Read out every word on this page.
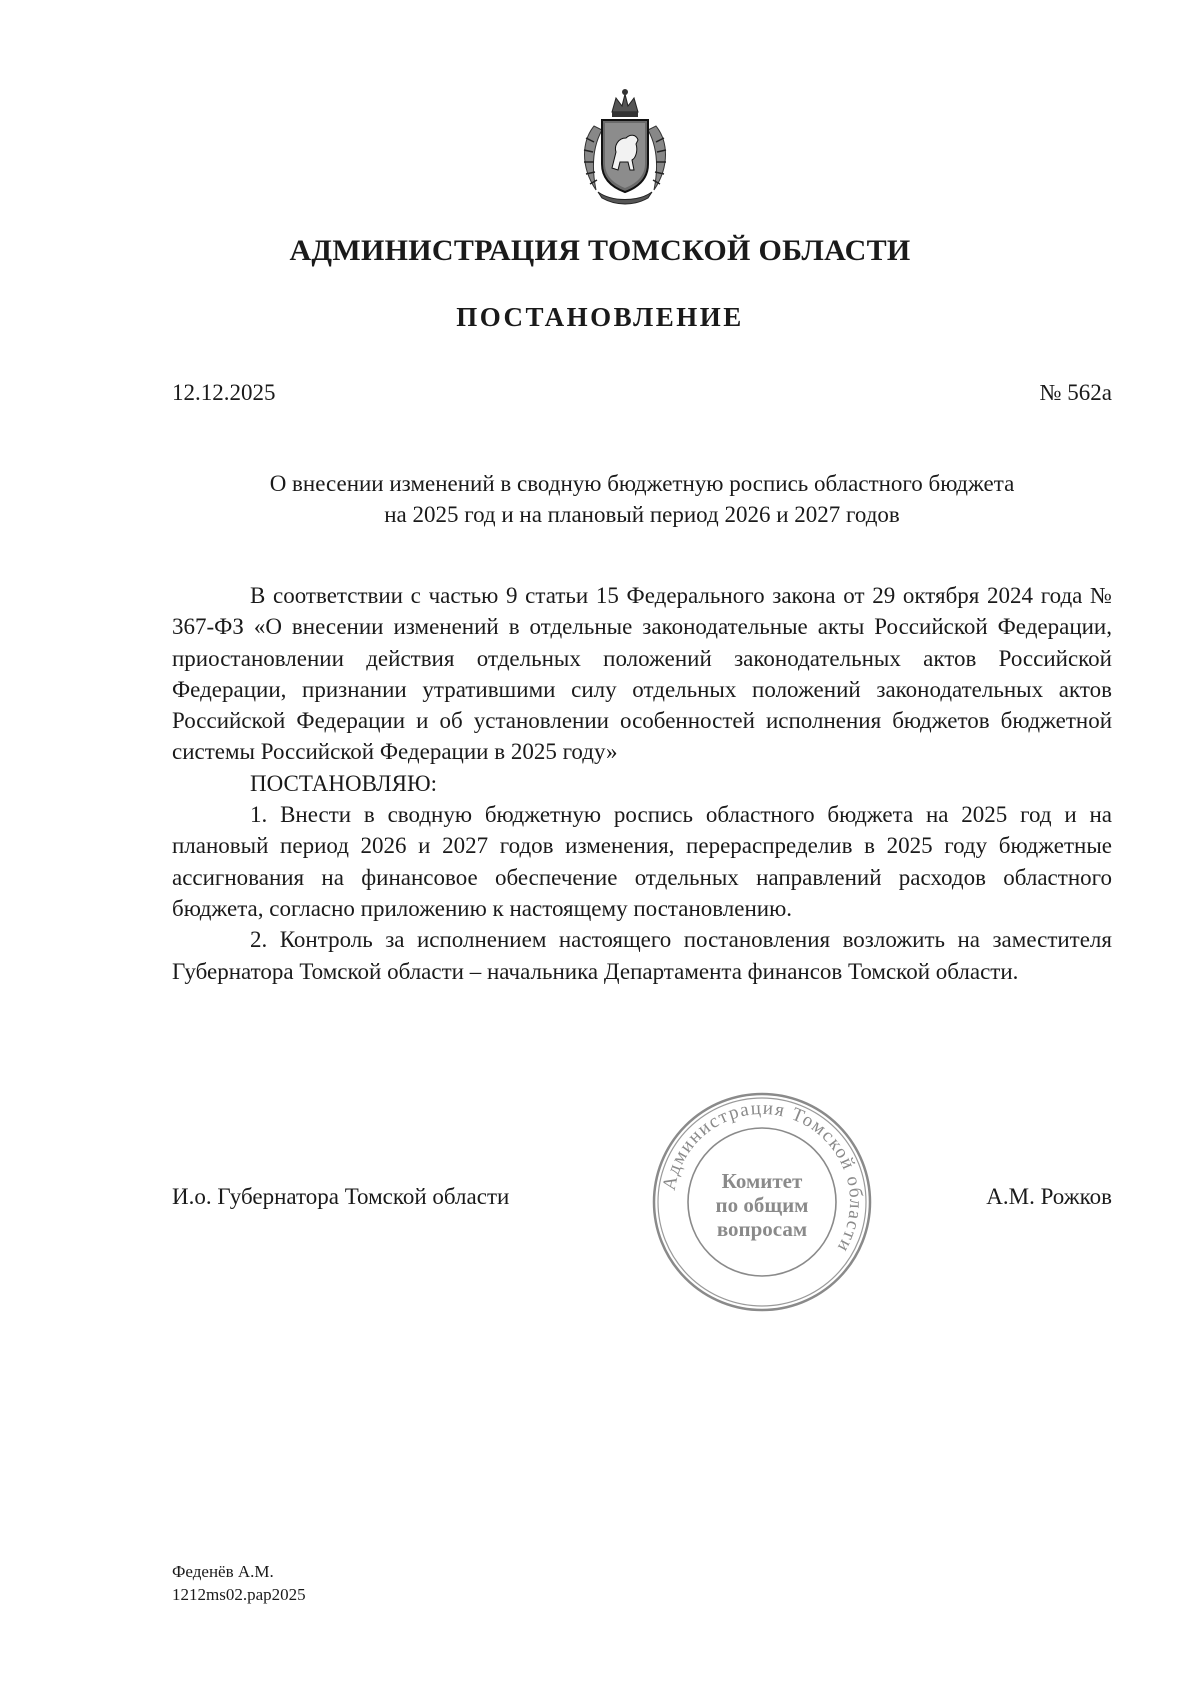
АДМИНИСТРАЦИЯ ТОМСКОЙ ОБЛАСТИ
ПОСТАНОВЛЕНИЕ
12.12.2025	№ 562а
О внесении изменений в сводную бюджетную роспись областного бюджета
на 2025 год и на плановый период 2026 и 2027 годов

В соответствии с частью 9 статьи 15 Федерального закона от 29 октября 2024 года № 367-ФЗ «О внесении изменений в отдельные законодательные акты Российской Федерации, приостановлении действия отдельных положений законодательных актов Российской Федерации, признании утратившими силу отдельных положений законодательных актов Российской Федерации и об установлении особенностей исполнения бюджетов бюджетной системы Российской Федерации в 2025 году»

ПОСТАНОВЛЯЮ:

1. Внести в сводную бюджетную роспись областного бюджета на 2025 год и на плановый период 2026 и 2027 годов изменения, перераспределив в 2025 году бюджетные ассигнования на финансовое обеспечение отдельных направлений расходов областного бюджета, согласно приложению к настоящему постановлению.

2. Контроль за исполнением настоящего постановления возложить на заместителя Губернатора Томской области – начальника Департамента финансов Томской области.

И.о. Губернатора Томской области
Администрация Томской области
Комитет
по общим
вопросам
А.М. Рожков
Феденёв А.М.
1212ms02.pap2025
